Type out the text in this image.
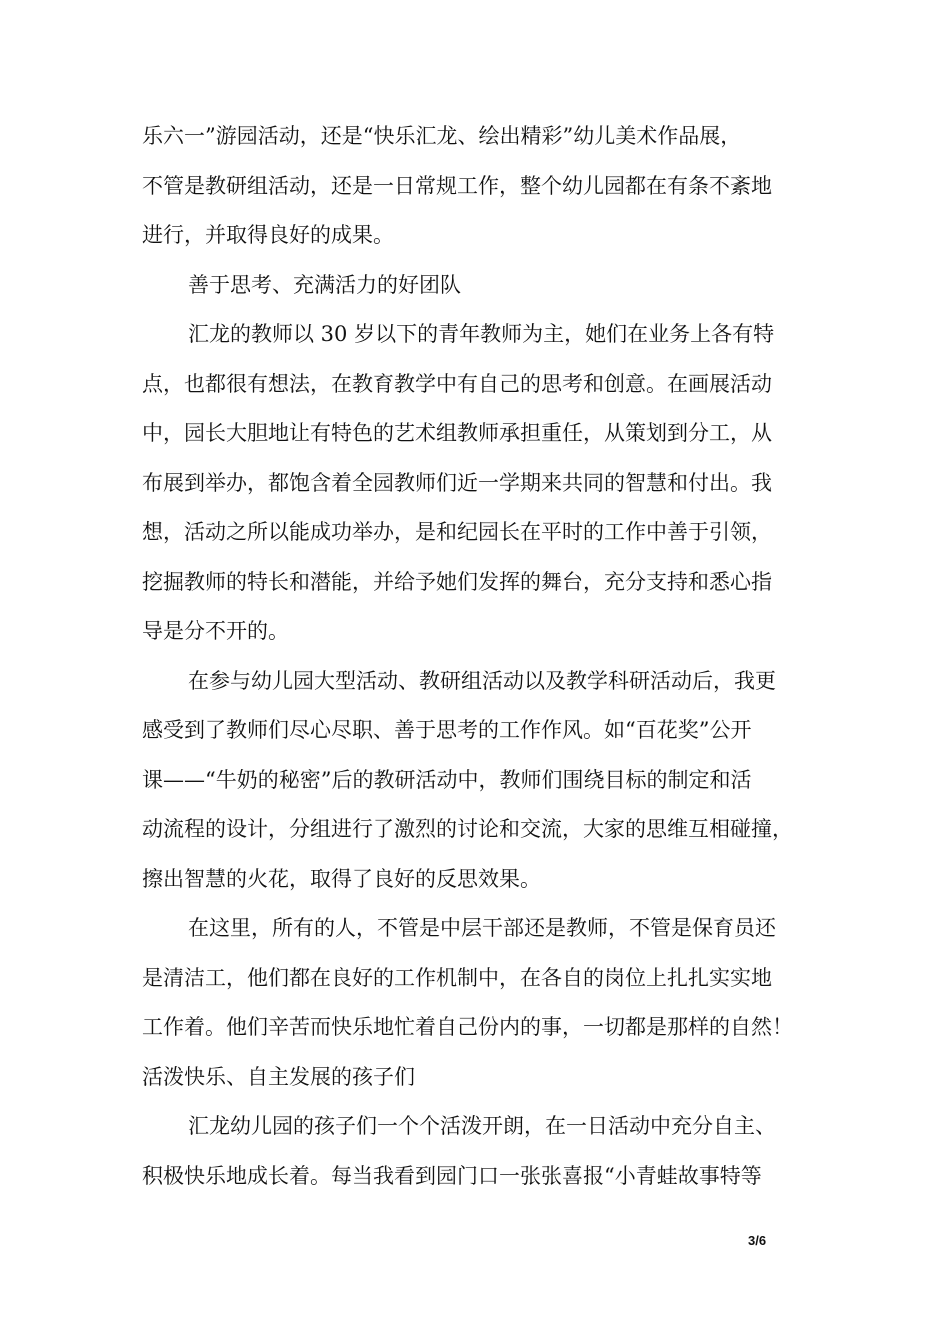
乐六一”游园活动，还是“快乐汇龙、绘出精彩”幼儿美术作品展，
不管是教研组活动，还是一日常规工作，整个幼儿园都在有条不紊地
进行，并取得良好的成果。
善于思考、充满活力的好团队
汇龙的教师以 30 岁以下的青年教师为主，她们在业务上各有特
点，也都很有想法，在教育教学中有自己的思考和创意。在画展活动
中，园长大胆地让有特色的艺术组教师承担重任，从策划到分工，从
布展到举办，都饱含着全园教师们近一学期来共同的智慧和付出。我
想，活动之所以能成功举办，是和纪园长在平时的工作中善于引领，
挖掘教师的特长和潜能，并给予她们发挥的舞台，充分支持和悉心指
导是分不开的。
在参与幼儿园大型活动、教研组活动以及教学科研活动后，我更
感受到了教师们尽心尽职、善于思考的工作作风。如“百花奖”公开
课——“牛奶的秘密”后的教研活动中，教师们围绕目标的制定和活
动流程的设计，分组进行了激烈的讨论和交流，大家的思维互相碰撞，
擦出智慧的火花，取得了良好的反思效果。
在这里，所有的人，不管是中层干部还是教师，不管是保育员还
是清洁工，他们都在良好的工作机制中，在各自的岗位上扎扎实实地
工作着。他们辛苦而快乐地忙着自己份内的事，一切都是那样的自然！
活泼快乐、自主发展的孩子们
汇龙幼儿园的孩子们一个个活泼开朗，在一日活动中充分自主、
积极快乐地成长着。每当我看到园门口一张张喜报“小青蛙故事特等
3/6
